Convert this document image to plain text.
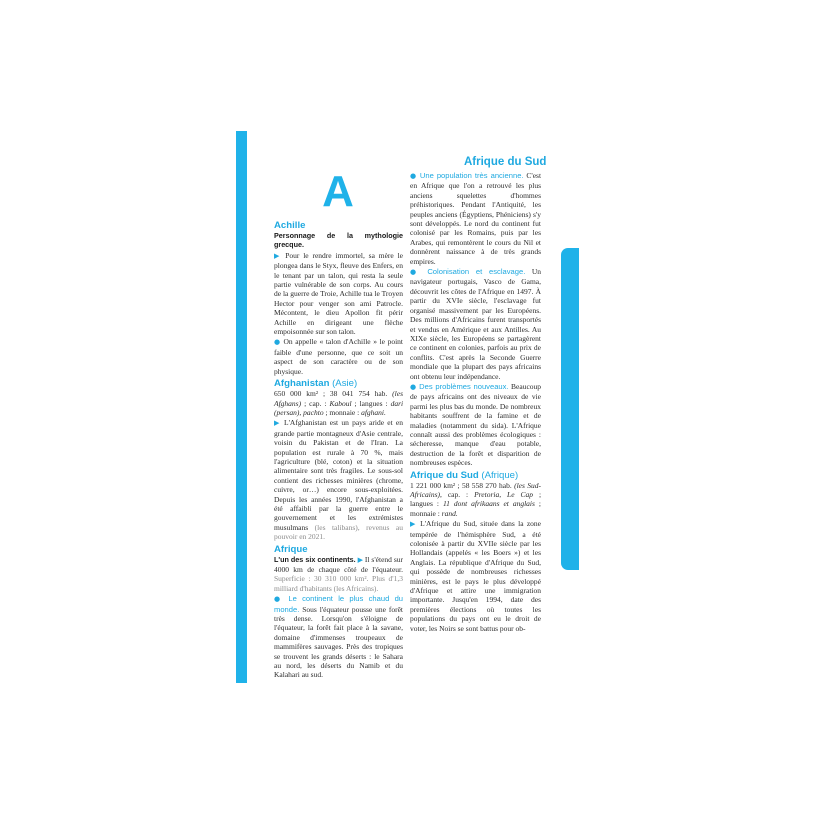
Afrique du Sud
A
Achille

Personnage de la mythologie grecque.

▶ Pour le rendre immortel, sa mère le plongea dans le Styx, fleuve des Enfers, en le tenant par un talon, qui resta la seule partie vulnérable de son corps. Au cours de la guerre de Troie, Achille tua le Troyen Hector pour venger son ami Patrocle. Mécontent, le dieu Apollon fit périr Achille en dirigeant une flèche empoisonnée sur son talon.

● On appelle « talon d'Achille » le point faible d'une personne, que ce soit un aspect de son caractère ou de son physique.

Afghanistan (Asie)

650 000 km² ; 38 041 754 hab. (les Afghans) ; cap. : Kaboul ; langues : dari (persan), pachto ; monnaie : afghani.

▶ L'Afghanistan est un pays aride et en grande partie montagneux d'Asie centrale, voisin du Pakistan et de l'Iran. La population est rurale à 70 %, mais l'agriculture (blé, coton) et la situation alimentaire sont très fragiles. Le sous-sol contient des richesses minières (chrome, cuivre, or…) encore sous-exploitées. Depuis les années 1990, l'Afghanistan a été affaibli par la guerre entre le gouvernement et les extrémistes musulmans (les talibans), revenus au pouvoir en 2021.

Afrique

L'un des six continents. ▶ Il s'étend sur 4000 km de chaque côté de l'équateur. Superficie : 30 310 000 km². Plus d'1,3 milliard d'habitants (les Africains).

● Le continent le plus chaud du monde. Sous l'équateur pousse une forêt très dense. Lorsqu'on s'éloigne de l'équateur, la forêt fait place à la savane, domaine d'immenses troupeaux de mammifères sauvages. Près des tropiques se trouvent les grands déserts : le Sahara au nord, les déserts du Namib et du Kalahari au sud.

● Une population très ancienne. C'est en Afrique que l'on a retrouvé les plus anciens squelettes d'hommes préhistoriques. Pendant l'Antiquité, les peuples anciens (Égyptiens, Phéniciens) s'y sont développés. Le nord du continent fut colonisé par les Romains, puis par les Arabes, qui remontèrent le cours du Nil et donnèrent naissance à de très grands empires.

● Colonisation et esclavage. Un navigateur portugais, Vasco de Gama, découvrit les côtes de l'Afrique en 1497. À partir du XVIe siècle, l'esclavage fut organisé massivement par les Européens. Des millions d'Africains furent transportés et vendus en Amérique et aux Antilles. Au XIXe siècle, les Européens se partagèrent ce continent en colonies, parfois au prix de conflits. C'est après la Seconde Guerre mondiale que la plupart des pays africains ont obtenu leur indépendance.

● Des problèmes nouveaux. Beaucoup de pays africains ont des niveaux de vie parmi les plus bas du monde. De nombreux habitants souffrent de la famine et de maladies (notamment du sida). L'Afrique connaît aussi des problèmes écologiques : sécheresse, manque d'eau potable, destruction de la forêt et disparition de nombreuses espèces.

Afrique du Sud (Afrique)

1 221 000 km² ; 58 558 270 hab. (les Sud-Africains), cap. : Pretoria, Le Cap ; langues : 11 dont afrikaans et anglais ; monnaie : rand.

▶ L'Afrique du Sud, située dans la zone tempérée de l'hémisphère Sud, a été colonisée à partir du XVIIe siècle par les Hollandais (appelés « les Boers ») et les Anglais. La république d'Afrique du Sud, qui possède de nombreuses richesses minières, est le pays le plus développé d'Afrique et attire une immigration importante. Jusqu'en 1994, date des premières élections où toutes les populations du pays ont eu le droit de voter, les Noirs se sont battus pour ob-
